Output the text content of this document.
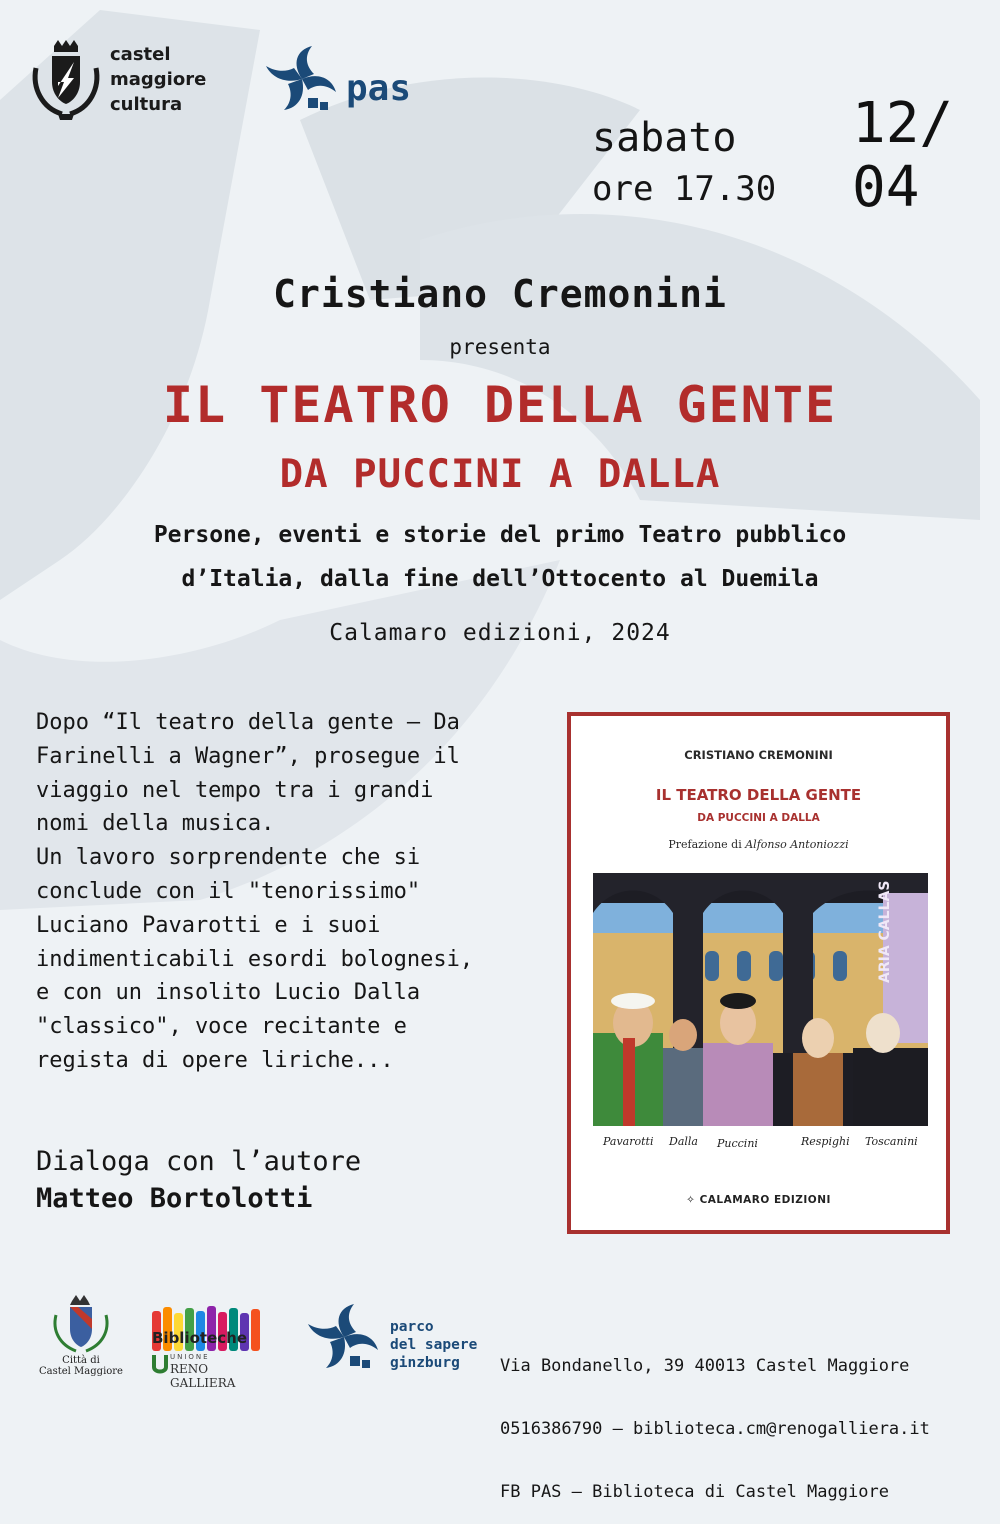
castel
maggiore
cultura	pas
sabato
ore 17.30
12/
04
Cristiano Cremonini
presenta
IL TEATRO DELLA GENTE
DA PUCCINI A DALLA
Persone, eventi e storie del primo Teatro pubblico
d’Italia, dalla fine dell’Ottocento al Duemila
Calamaro edizioni, 2024
Dopo “Il teatro della gente – Da
Farinelli a Wagner”, prosegue il
viaggio nel tempo tra i grandi
nomi della musica.
Un lavoro sorprendente che si
conclude con il "tenorissimo"
Luciano Pavarotti e i suoi
indimenticabili esordi bolognesi,
e con un insolito Lucio Dalla
"classico", voce recitante e
regista di opere liriche...
Dialoga con l’autore
Matteo Bortolotti
CRISTIANO CREMONINI
IL TEATRO DELLA GENTE
DA PUCCINI A DALLA
Prefazione di Alfonso Antoniozzi
ARIA CALLAS
Pavarotti Dalla Puccini	Respighi Toscanini
✧ CALAMARO EDIZIONI
Città di
Castel Maggiore
Biblioteche
UNIONE
RENO GALLIERA
parco
del sapere
ginzburg

	Via Bondanello, 39 40013 Castel Maggiore

0516386790 – biblioteca.cm@renogalliera.it

FB PAS – Biblioteca di Castel Maggiore
